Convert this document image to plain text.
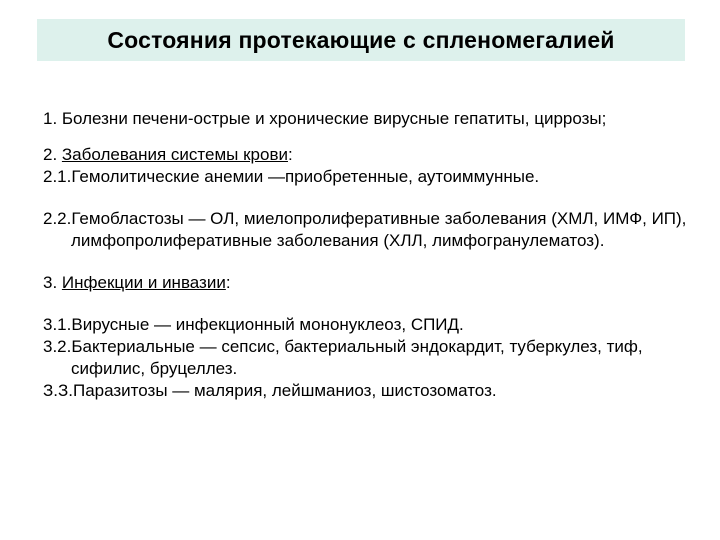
Состояния протекающие с спленомегалией

1. Болезни печени-острые и хронические вирусные гепатиты, циррозы;

2. Заболевания системы крови:

2.1.Гемолитические анемии —приобретенные, аутоиммунные.

2.2.Гемобластозы — ОЛ, миелопролиферативные заболевания (ХМЛ, ИМФ, ИП), лимфопролиферативные заболевания (ХЛЛ, лимфогранулематоз).

3. Инфекции и инвазии:

3.1.Вирусные — инфекционный мононуклеоз, СПИД.

3.2.Бактериальные — сепсис, бактериальный эндокардит, туберкулез, тиф, сифилис, бруцеллез.

З.З.Паразитозы — малярия, лейшманиоз, шистозоматоз.
